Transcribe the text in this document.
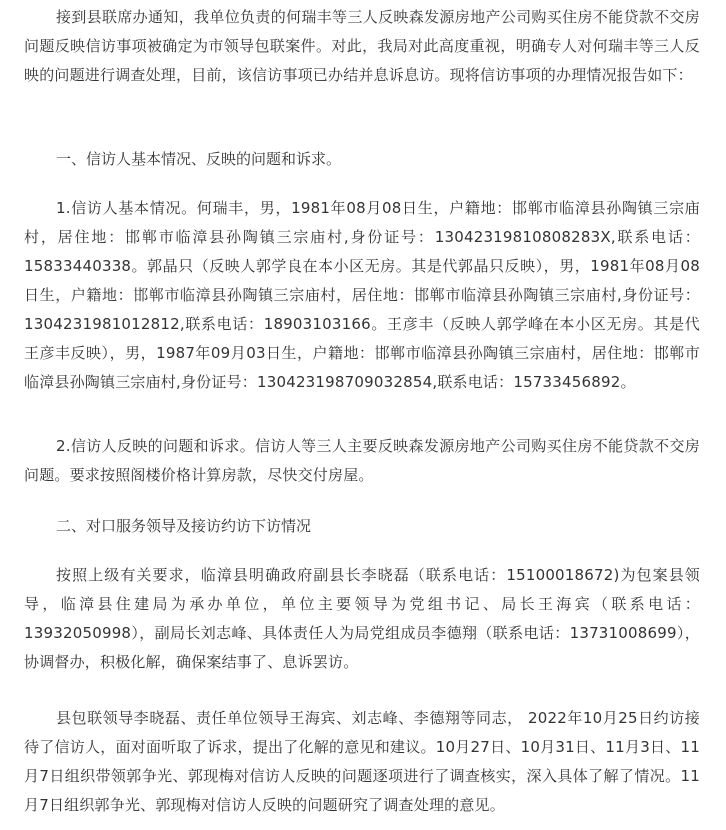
接到县联席办通知，我单位负责的何瑞丰等三人反映森发源房地产公司购买住房不能贷款不交房问题反映信访事项被确定为市领导包联案件。对此，我局对此高度重视，明确专人对何瑞丰等三人反映的问题进行调查处理，目前，该信访事项已办结并息诉息访。现将信访事项的办理情况报告如下：

一、信访人基本情况、反映的问题和诉求。

1.信访人基本情况。何瑞丰，男，1981年08月08日生，户籍地：邯郸市临漳县孙陶镇三宗庙村，居住地：邯郸市临漳县孙陶镇三宗庙村,身份证号：13042319810808283X,联系电话：15833440338。郭晶只（反映人郭学良在本小区无房。其是代郭晶只反映），男，1981年08月08日生，户籍地：邯郸市临漳县孙陶镇三宗庙村，居住地：邯郸市临漳县孙陶镇三宗庙村,身份证号：1304231981012812,联系电话：18903103166。王彦丰（反映人郭学峰在本小区无房。其是代王彦丰反映），男，1987年09月03日生，户籍地：邯郸市临漳县孙陶镇三宗庙村，居住地：邯郸市临漳县孙陶镇三宗庙村,身份证号：130423198709032854,联系电话：15733456892。

2.信访人反映的问题和诉求。信访人等三人主要反映森发源房地产公司购买住房不能贷款不交房问题。要求按照阁楼价格计算房款，尽快交付房屋。

二、对口服务领导及接访约访下访情况

按照上级有关要求，临漳县明确政府副县长李晓磊（联系电话：15100018672)为包案县领导，临漳县住建局为承办单位，单位主要领导为党组书记、局长王海宾（联系电话：13932050998），副局长刘志峰、具体责任人为局党组成员李德翔（联系电话：13731008699），协调督办，积极化解，确保案结事了、息诉罢访。

县包联领导李晓磊、责任单位领导王海宾、刘志峰、李德翔等同志， 2022年10月25日约访接待了信访人，面对面听取了诉求，提出了化解的意见和建议。10月27日、10月31日、11月3日、11月7日组织带领郭争光、郭现梅对信访人反映的问题逐项进行了调查核实，深入具体了解了情况。11月7日组织郭争光、郭现梅对信访人反映的问题研究了调查处理的意见。
